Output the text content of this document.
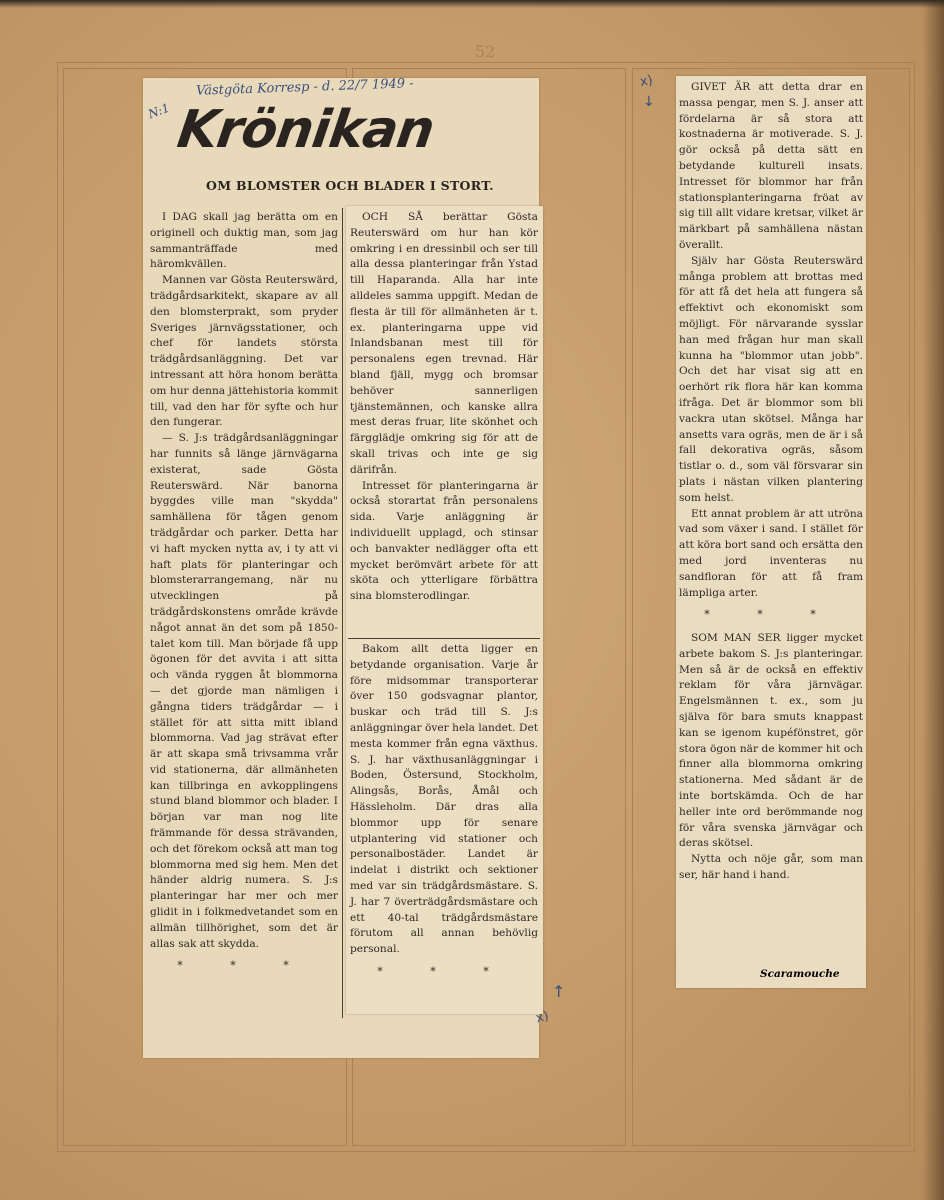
52
Västgöta Korresp - d. 22/7 1949 -
N:1 Krönikan
OM BLOMSTER OCH BLADER I STORT.

I DAG skall jag berätta om en originell och duktig man, som jag sammanträffade med häromkvällen.

Mannen var Gösta Reuterswärd, trädgårdsarkitekt, skapare av all den blomsterprakt, som pryder Sveriges järnvägsstationer, och chef för landets största trädgårdsanläggning. Det var intressant att höra honom berätta om hur denna jättehistoria kommit till, vad den har för syfte och hur den fungerar.

— S. J:s trädgårdsanläggningar har funnits så länge järnvägarna existerat, sade Gösta Reuterswärd. När banorna byggdes ville man "skydda" samhällena för tågen genom trädgårdar och parker. Detta har vi haft mycken nytta av, i ty att vi haft plats för planteringar och blomsterarrangemang, när nu utvecklingen på trädgårdskonstens område krävde något annat än det som på 1850-talet kom till. Man började få upp ögonen för det avvita i att sitta och vända ryggen åt blommorna — det gjorde man nämligen i gångna tiders trädgårdar — i stället för att sitta mitt ibland blommorna. Vad jag strävat efter är att skapa små trivsamma vrår vid stationerna, där allmänheten kan tillbringa en avkopplingens stund bland blommor och blader. I början var man nog lite främmande för dessa strävanden, och det förekom också att man tog blommorna med sig hem. Men det händer aldrig numera. S. J:s planteringar har mer och mer glidit in i folkmedvetandet som en allmän tillhörighet, som det är allas sak att skydda.

* * *

OCH SÅ berättar Gösta Reuterswärd om hur han kör omkring i en dressinbil och ser till alla dessa planteringar från Ystad till Haparanda. Alla har inte alldeles samma uppgift. Medan de flesta är till för allmänheten är t. ex. planteringarna uppe vid Inlandsbanan mest till för personalens egen trevnad. Här bland fjäll, mygg och bromsar behöver sannerligen tjänstemännen, och kanske allra mest deras fruar, lite skönhet och färgglädje omkring sig för att de skall trivas och inte ge sig därifrån.

Intresset för planteringarna är också storartat från personalens sida. Varje anläggning är individuellt upplagd, och stinsar och banvakter nedlägger ofta ett mycket berömvärt arbete för att sköta och ytterligare förbättra sina blomsterodlingar.

Bakom allt detta ligger en betydande organisation. Varje år före midsommar transporterar över 150 godsvagnar plantor, buskar och träd till S. J:s anläggningar över hela landet. Det mesta kommer från egna växthus. S. J. har växthusanläggningar i Boden, Östersund, Stockholm, Alingsås, Borås, Åmål och Hässleholm. Där dras alla blommor upp för senare utplantering vid stationer och personalbostäder. Landet är indelat i distrikt och sektioner med var sin trädgårdsmästare. S. J. har 7 överträdgårdsmästare och ett 40-tal trädgårdsmästare förutom all annan behövlig personal.

* * *

x)
↑
x)
↓

GIVET ÄR att detta drar en massa pengar, men S. J. anser att fördelarna är så stora att kostnaderna är motiverade. S. J. gör också på detta sätt en betydande kulturell insats. Intresset för blommor har från stationsplanteringarna fröat av sig till allt vidare kretsar, vilket är märkbart på samhällena nästan överallt.

Själv har Gösta Reuterswärd många problem att brottas med för att få det hela att fungera så effektivt och ekonomiskt som möjligt. För närvarande sysslar han med frågan hur man skall kunna ha "blommor utan jobb". Och det har visat sig att en oerhört rik flora här kan komma ifråga. Det är blommor som bli vackra utan skötsel. Många har ansetts vara ogräs, men de är i så fall dekorativa ogräs, såsom tistlar o. d., som väl försvarar sin plats i nästan vilken plantering som helst.

Ett annat problem är att utröna vad som växer i sand. I stället för att köra bort sand och ersätta den med jord inventeras nu sandfloran för att få fram lämpliga arter.

* * *

SOM MAN SER ligger mycket arbete bakom S. J:s planteringar. Men så är de också en effektiv reklam för våra järnvägar. Engelsmännen t. ex., som ju själva för bara smuts knappast kan se igenom kupéfönstret, gör stora ögon när de kommer hit och finner alla blommorna omkring stationerna. Med sådant är de inte bortskämda. Och de har heller inte ord berömmande nog för våra svenska järnvägar och deras skötsel.

Nytta och nöje går, som man ser, här hand i hand.

Scaramouche
